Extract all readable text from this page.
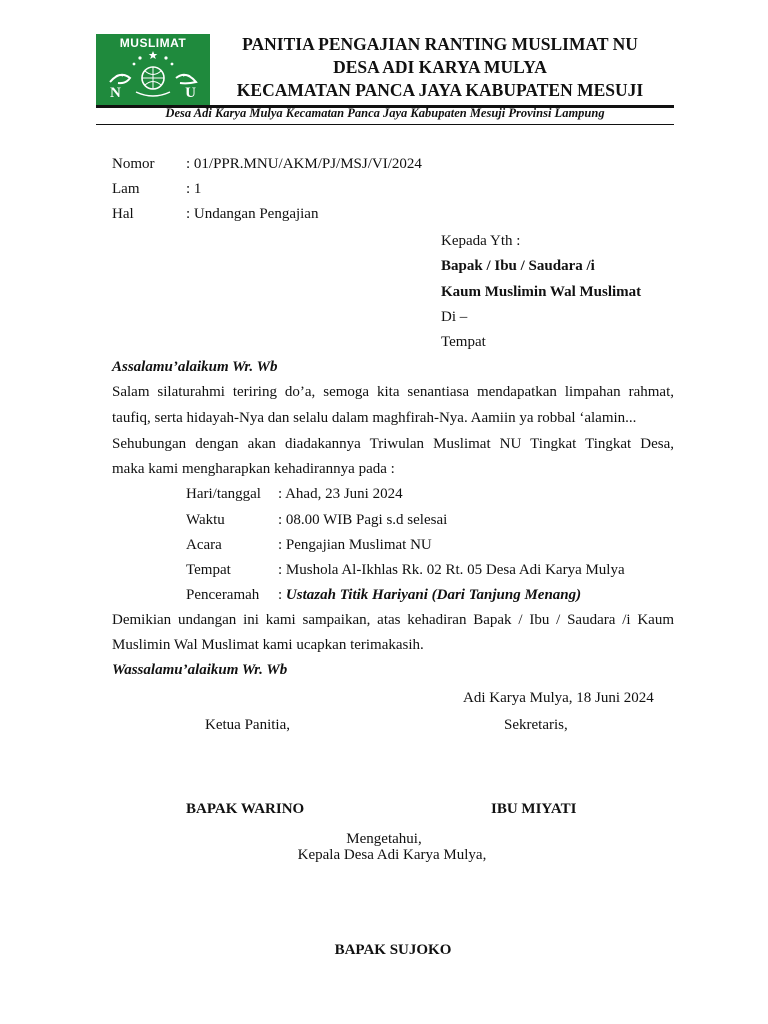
MUSLIMAT
N	U
PANITIA PENGAJIAN RANTING MUSLIMAT NU
DESA ADI KARYA MULYA
KECAMATAN PANCA JAYA KABUPATEN MESUJI
Desa Adi Karya Mulya Kecamatan Panca Jaya Kabupaten Mesuji Provinsi Lampung
Nomor : 01/PPR.MNU/AKM/PJ/MSJ/VI/2024
Lam	: 1
Hal	: Undangan Pengajian
Kepada Yth :
Bapak / Ibu / Saudara /i
Kaum Muslimin Wal Muslimat
Di –
Tempat
Assalamu’alaikum Wr. Wb
Salam silaturahmi teriring do’a, semoga kita senantiasa mendapatkan limpahan rahmat,
taufiq, serta hidayah-Nya dan selalu dalam maghfirah-Nya. Aamiin ya robbal ‘alamin...
Sehubungan dengan akan diadakannya Triwulan Muslimat NU Tingkat Tingkat Desa,
maka kami mengharapkan kehadirannya pada :
Hari/tanggal : Ahad, 23 Juni 2024
Waktu	: 08.00 WIB Pagi s.d selesai
Acara	: Pengajian Muslimat NU
Tempat	: Mushola Al-Ikhlas Rk. 02 Rt. 05 Desa Adi Karya Mulya
Penceramah : Ustazah Titik Hariyani (Dari Tanjung Menang)
Demikian undangan ini kami sampaikan, atas kehadiran Bapak / Ibu / Saudara /i Kaum
Muslimin Wal Muslimat kami ucapkan terimakasih.
Wassalamu’alaikum Wr. Wb
Adi Karya Mulya, 18 Juni 2024
Ketua Panitia,	Sekretaris,
BAPAK WARINO	IBU MIYATI
Mengetahui,
Kepala Desa Adi Karya Mulya,
BAPAK SUJOKO
